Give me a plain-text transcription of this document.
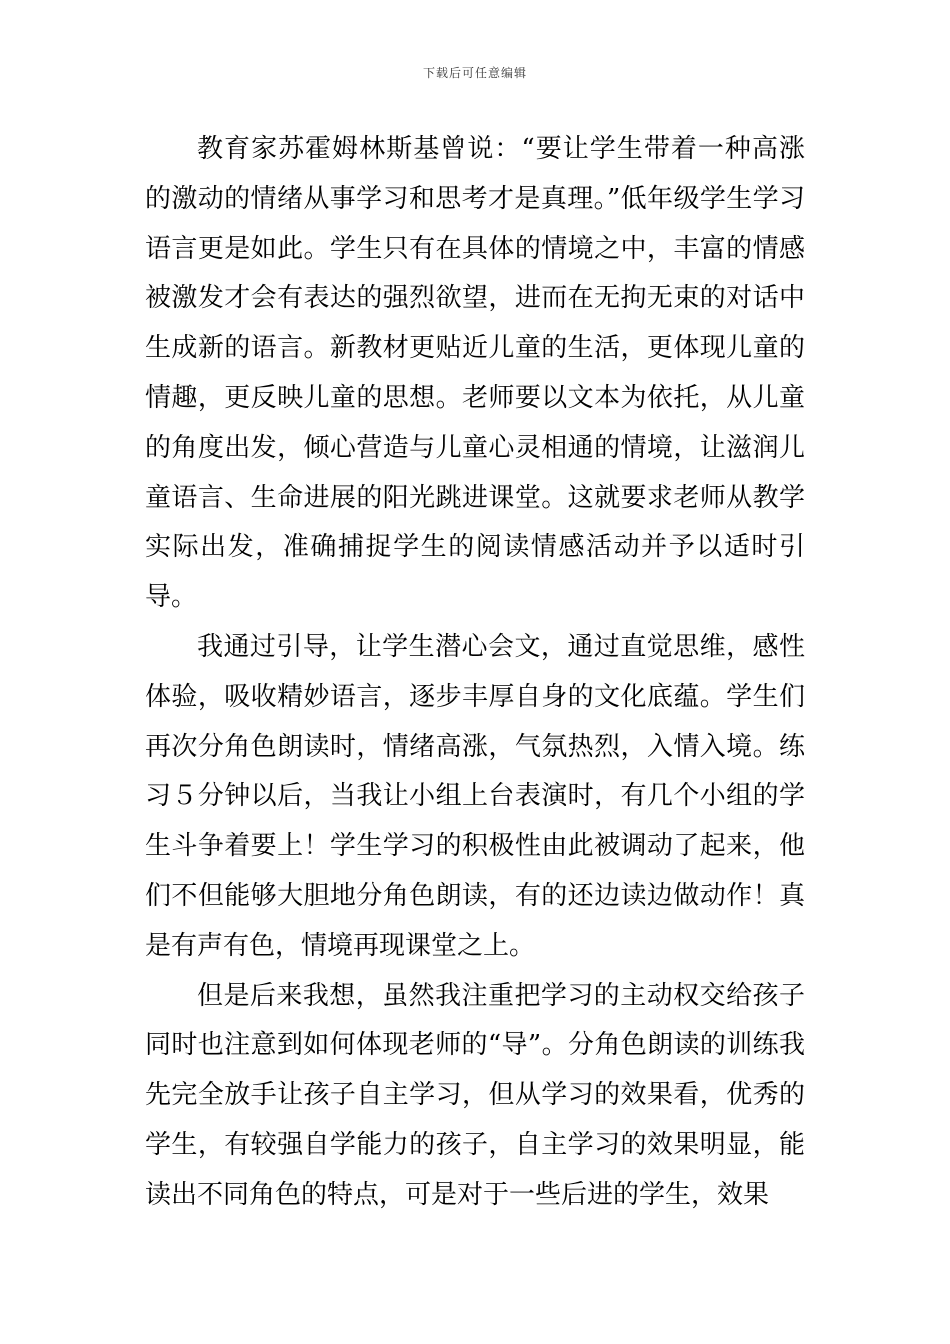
下载后可任意编辑

教育家苏霍姆林斯基曾说：“要让学生带着一种高涨的激动的情绪从事学习和思考才是真理。”低年级学生学习语言更是如此。学生只有在具体的情境之中，丰富的情感被激发才会有表达的强烈欲望，进而在无拘无束的对话中生成新的语言。新教材更贴近儿童的生活，更体现儿童的情趣，更反映儿童的思想。老师要以文本为依托，从儿童的角度出发，倾心营造与儿童心灵相通的情境，让滋润儿童语言、生命进展的阳光跳进课堂。这就要求老师从教学实际出发，准确捕捉学生的阅读情感活动并予以适时引导。

我通过引导，让学生潜心会文，通过直觉思维，感性体验，吸收精妙语言，逐步丰厚自身的文化底蕴。学生们再次分角色朗读时，情绪高涨，气氛热烈，入情入境。练习５分钟以后，当我让小组上台表演时，有几个小组的学生斗争着要上！学生学习的积极性由此被调动了起来，他们不但能够大胆地分角色朗读，有的还边读边做动作！真是有声有色，情境再现课堂之上。

但是后来我想，虽然我注重把学习的主动权交给孩子同时也注意到如何体现老师的“导”。分角色朗读的训练我先完全放手让孩子自主学习，但从学习的效果看，优秀的学生，有较强自学能力的孩子，自主学习的效果明显，能读出不同角色的特点，可是对于一些后进的学生，效果
